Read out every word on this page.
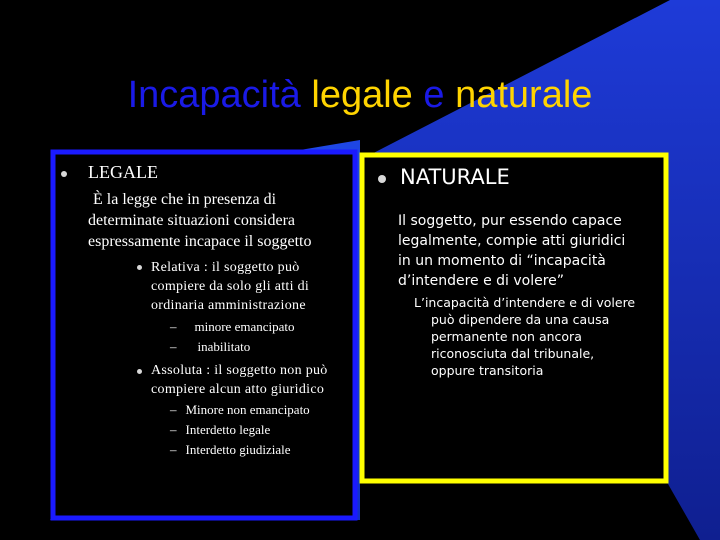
Incapacità legale e naturale
LEGALE
È la legge che in presenza di
determinate situazioni considera
espressamente incapace il soggetto
Relativa : il soggetto può
compiere da solo gli atti di
ordinaria amministrazione
– minore emancipato
– inabilitato
Assoluta : il soggetto non può
compiere alcun atto giuridico
– Minore non emancipato
– Interdetto legale
– Interdetto giudiziale
NATURALE
Il soggetto, pur essendo capace
legalmente, compie atti giuridici
in un momento di “incapacità
d’intendere e di volere”
L’incapacità d’intendere e di volere
può dipendere da una causa
permanente non ancora
riconosciuta dal tribunale,
oppure transitoria
